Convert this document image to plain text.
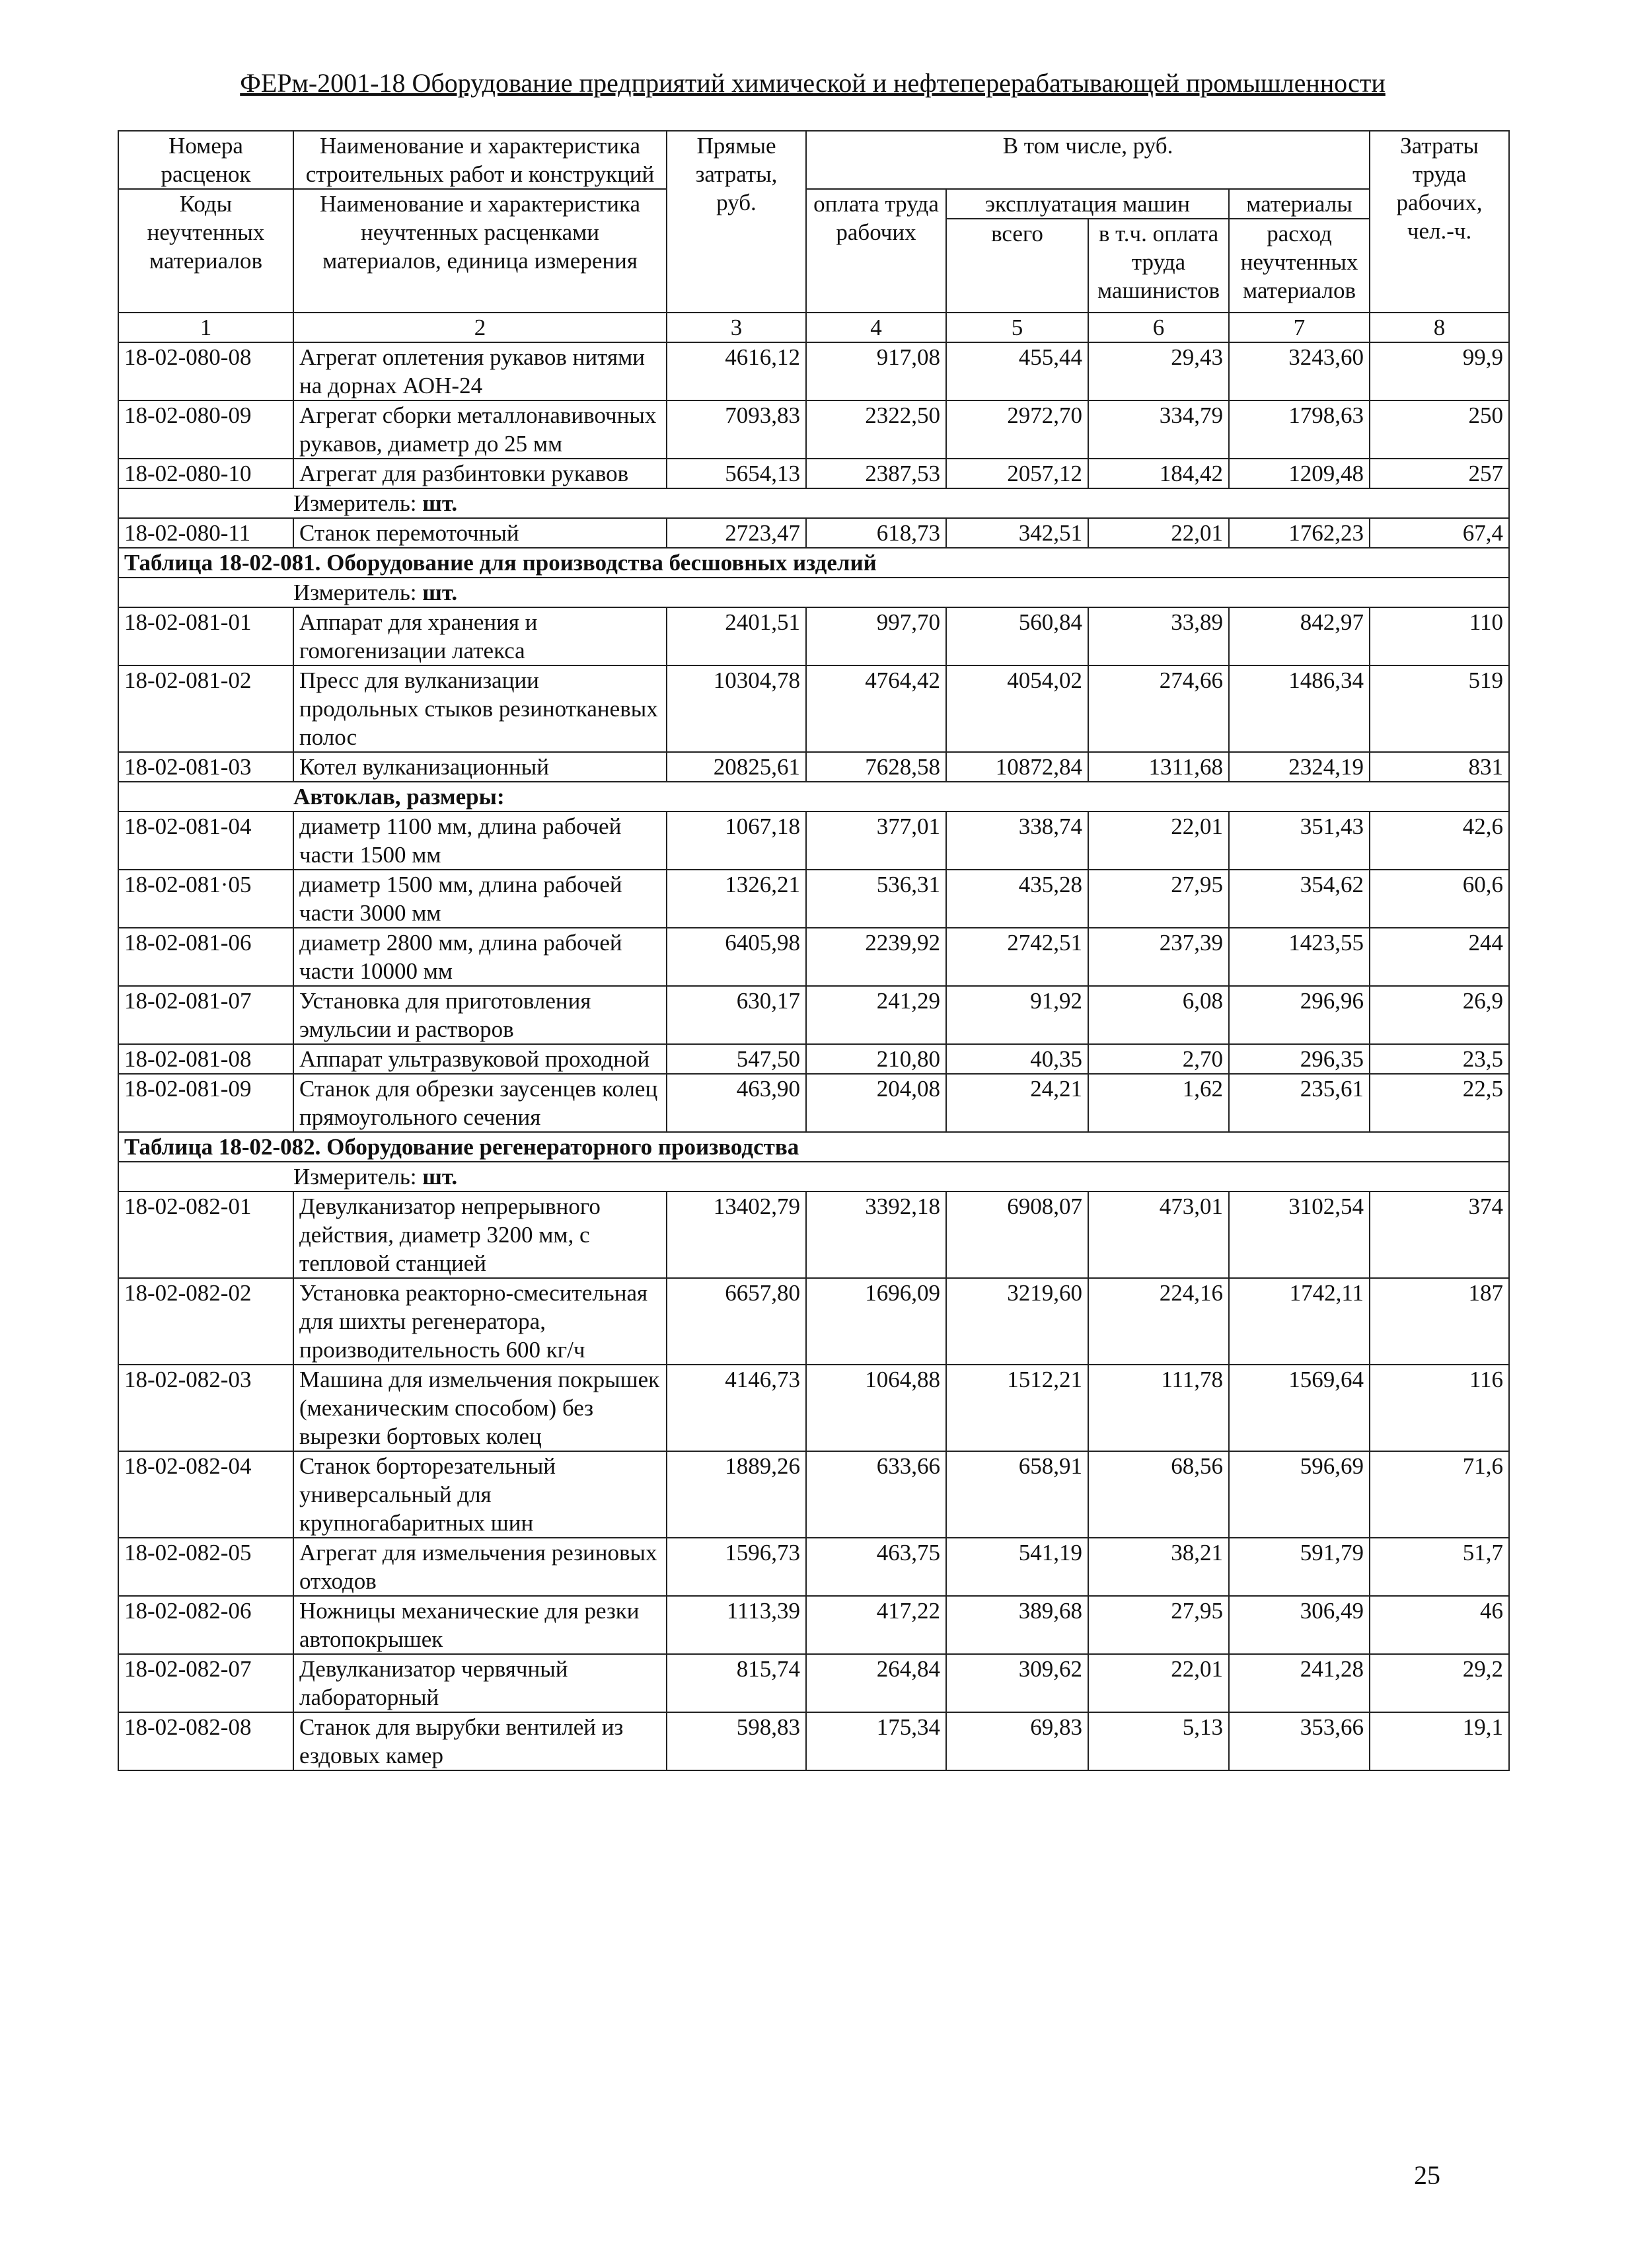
ФЕРм-2001-18 Оборудование предприятий химической и нефтеперерабатывающей промышленности
Номера расценок	Наименование и характеристика строительных работ и конструкций	Прямые затраты, руб.	В том числе, руб.				Затраты труда рабочих, чел.-ч.
Коды неучтенных материалов	Наименование и характеристика неучтенных расценками материалов, единица измерения		оплата труда рабочих	эксплуатация машин		материалы	
				всего	в т.ч. оплата труда машинистов	расход неучтенных материалов	
1	2	3	4	5	6	7	8
18-02-080-08	Агрегат оплетения рукавов нитями на дорнах АОН-24	4616,12	917,08	455,44	29,43	3243,60	99,9
18-02-080-09	Агрегат сборки металлонавивочных рукавов, диаметр до 25 мм	7093,83	2322,50	2972,70	334,79	1798,63	250
18-02-080-10	Агрегат для разбинтовки рукавов	5654,13	2387,53	2057,12	184,42	1209,48	257
	Измеритель: шт.						
18-02-080-11	Станок перемоточный	2723,47	618,73	342,51	22,01	1762,23	67,4
Таблица 18-02-081. Оборудование для производства бесшовных изделий							
	Измеритель: шт.						
18-02-081-01	Аппарат для хранения и гомогенизации латекса	2401,51	997,70	560,84	33,89	842,97	110
18-02-081-02	Пресс для вулканизации продольных стыков резинотканевых полос	10304,78	4764,42	4054,02	274,66	1486,34	519
18-02-081-03	Котел вулканизационный	20825,61	7628,58	10872,84	1311,68	2324,19	831
	Автоклав, размеры:						
18-02-081-04	диаметр 1100 мм, длина рабочей части 1500 мм	1067,18	377,01	338,74	22,01	351,43	42,6
18-02-081·05	диаметр 1500 мм, длина рабочей части 3000 мм	1326,21	536,31	435,28	27,95	354,62	60,6
18-02-081-06	диаметр 2800 мм, длина рабочей части 10000 мм	6405,98	2239,92	2742,51	237,39	1423,55	244
18-02-081-07	Установка для приготовления эмульсии и растворов	630,17	241,29	91,92	6,08	296,96	26,9
18-02-081-08	Аппарат ультразвуковой проходной	547,50	210,80	40,35	2,70	296,35	23,5
18-02-081-09	Станок для обрезки заусенцев колец прямоугольного сечения	463,90	204,08	24,21	1,62	235,61	22,5
Таблица 18-02-082. Оборудование регенераторного производства							
	Измеритель: шт.						
18-02-082-01	Девулканизатор непрерывного действия, диаметр 3200 мм, с тепловой станцией	13402,79	3392,18	6908,07	473,01	3102,54	374
18-02-082-02	Установка реакторно-смесительная для шихты регенератора, производительность 600 кг/ч	6657,80	1696,09	3219,60	224,16	1742,11	187
18-02-082-03	Машина для измельчения покрышек (механическим способом) без вырезки бортовых колец	4146,73	1064,88	1512,21	111,78	1569,64	116
18-02-082-04	Станок борторезательный универсальный для крупногабаритных шин	1889,26	633,66	658,91	68,56	596,69	71,6
18-02-082-05	Агрегат для измельчения резиновых отходов	1596,73	463,75	541,19	38,21	591,79	51,7
18-02-082-06	Ножницы механические для резки автопокрышек	1113,39	417,22	389,68	27,95	306,49	46
18-02-082-07	Девулканизатор червячный лабораторный	815,74	264,84	309,62	22,01	241,28	29,2
18-02-082-08	Станок для вырубки вентилей из ездовых камер	598,83	175,34	69,83	5,13	353,66	19,1
25
